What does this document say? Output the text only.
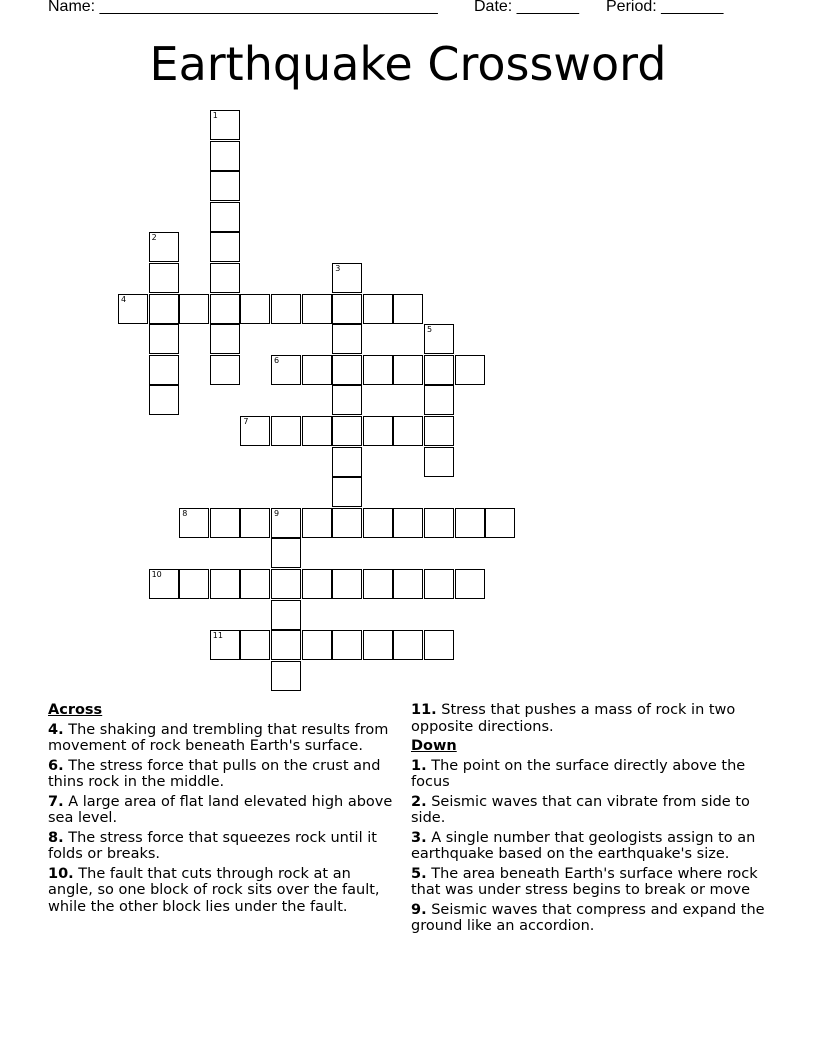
Name: ______________________________________ Date: _______ Period: _______
Earthquake Crossword
1
2
3
4
5
6
7
8	9
10
11
Across
4. The shaking and trembling that results from movement of rock beneath Earth's surface.
6. The stress force that pulls on the crust and thins rock in the middle.
7. A large area of flat land elevated high above sea level.
8. The stress force that squeezes rock until it folds or breaks.
10. The fault that cuts through rock at an angle, so one block of rock sits over the fault, while the other block lies under the fault.
11. Stress that pushes a mass of rock in two opposite directions.
Down
1. The point on the surface directly above the focus
2. Seismic waves that can vibrate from side to side.
3. A single number that geologists assign to an earthquake based on the earthquake's size.
5. The area beneath Earth's surface where rock that was under stress begins to break or move
9. Seismic waves that compress and expand the ground like an accordion.
